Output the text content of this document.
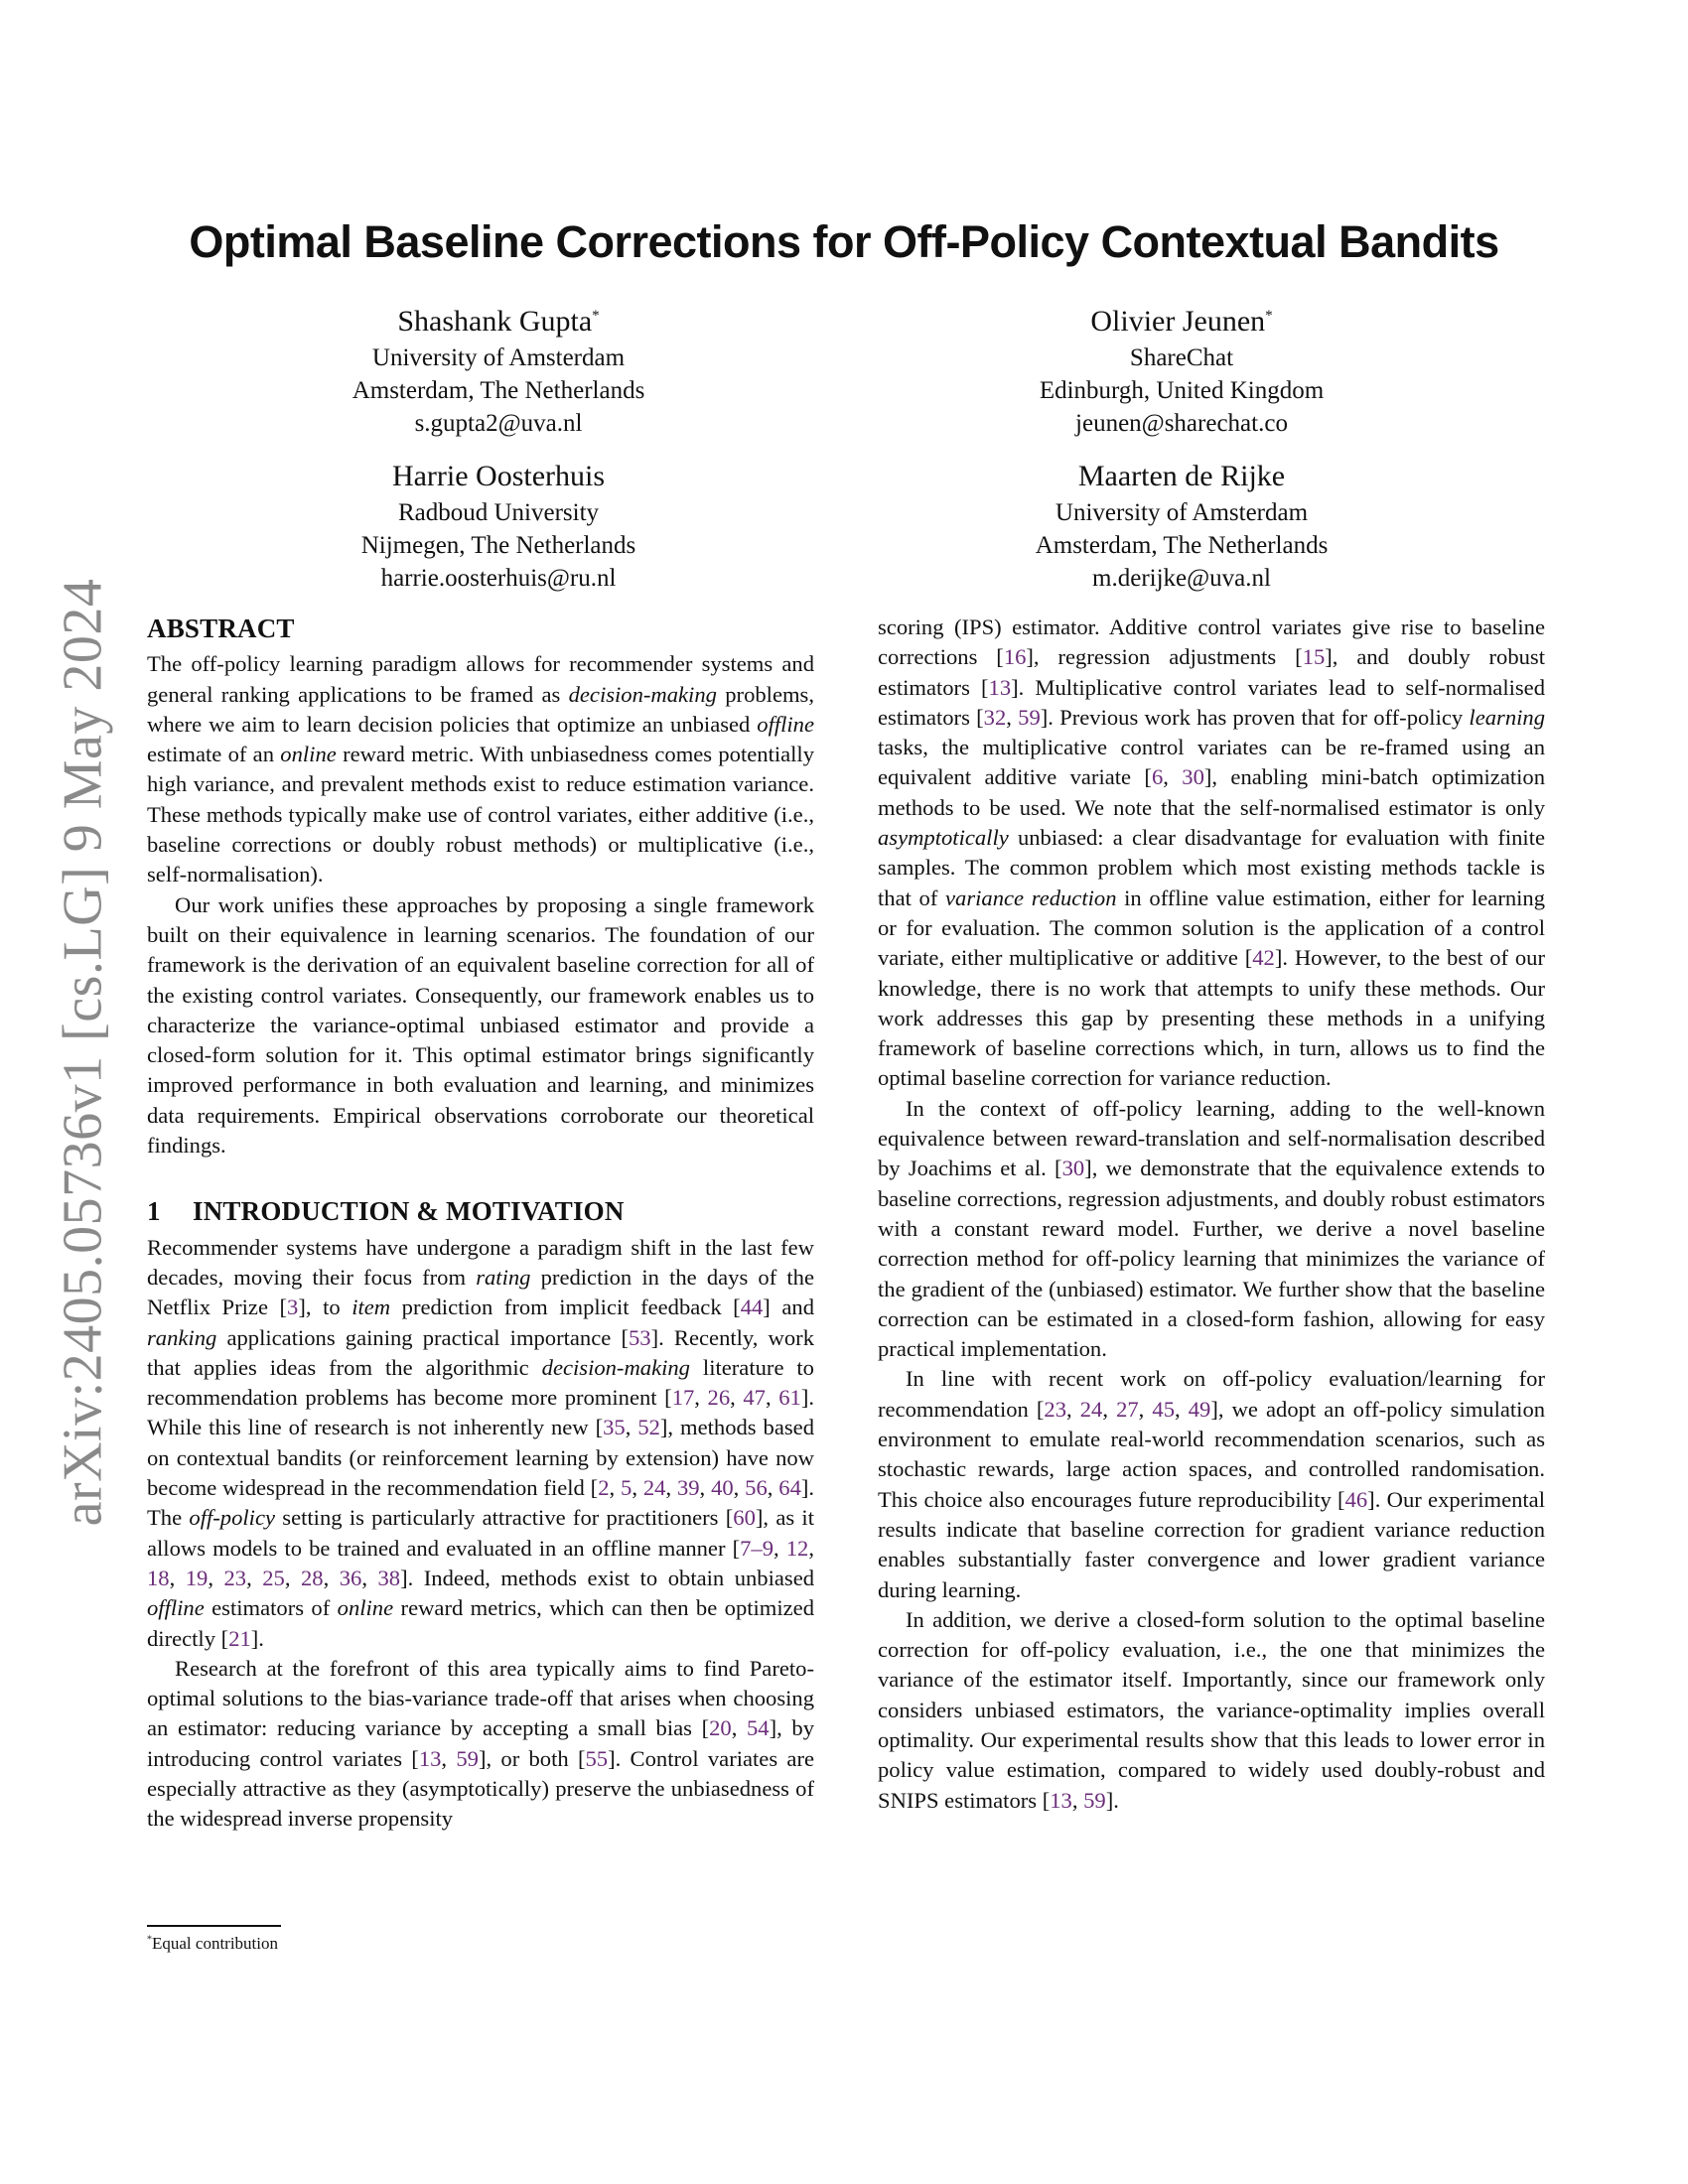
arXiv:2405.05736v1 [cs.LG] 9 May 2024
Optimal Baseline Corrections for Off-Policy Contextual Bandits
Shashank Gupta*
University of Amsterdam
Amsterdam, The Netherlands
s.gupta2@uva.nl
Olivier Jeunen*
ShareChat
Edinburgh, United Kingdom
jeunen@sharechat.co
Harrie Oosterhuis
Radboud University
Nijmegen, The Netherlands
harrie.oosterhuis@ru.nl
Maarten de Rijke
University of Amsterdam
Amsterdam, The Netherlands
m.derijke@uva.nl
ABSTRACT

The off-policy learning paradigm allows for recommender systems and general ranking applications to be framed as decision-making problems, where we aim to learn decision policies that optimize an unbiased offline estimate of an online reward metric. With unbiasedness comes potentially high variance, and prevalent methods exist to reduce estimation variance. These methods typically make use of control variates, either additive (i.e., baseline corrections or doubly robust methods) or multiplicative (i.e., self-normalisation).

Our work unifies these approaches by proposing a single framework built on their equivalence in learning scenarios. The foundation of our framework is the derivation of an equivalent baseline correction for all of the existing control variates. Consequently, our framework enables us to characterize the variance-optimal unbiased estimator and provide a closed-form solution for it. This optimal estimator brings significantly improved performance in both evaluation and learning, and minimizes data requirements. Empirical observations corroborate our theoretical findings.

1 INTRODUCTION & MOTIVATION

Recommender systems have undergone a paradigm shift in the last few decades, moving their focus from rating prediction in the days of the Netflix Prize [3], to item prediction from implicit feedback [44] and ranking applications gaining practical importance [53]. Recently, work that applies ideas from the algorithmic decision-making literature to recommendation problems has become more prominent [17, 26, 47, 61]. While this line of research is not inherently new [35, 52], methods based on contextual bandits (or reinforcement learning by extension) have now become widespread in the recommendation field [2, 5, 24, 39, 40, 56, 64]. The off-policy setting is particularly attractive for practitioners [60], as it allows models to be trained and evaluated in an offline manner [7–9, 12, 18, 19, 23, 25, 28, 36, 38]. Indeed, methods exist to obtain unbiased offline estimators of online reward metrics, which can then be optimized directly [21].

Research at the forefront of this area typically aims to find Pareto-optimal solutions to the bias-variance trade-off that arises when choosing an estimator: reducing variance by accepting a small bias [20, 54], by introducing control variates [13, 59], or both [55]. Control variates are especially attractive as they (asymptotically) preserve the unbiasedness of the widespread inverse propensity

scoring (IPS) estimator. Additive control variates give rise to baseline corrections [16], regression adjustments [15], and doubly robust estimators [13]. Multiplicative control variates lead to self-normalised estimators [32, 59]. Previous work has proven that for off-policy learning tasks, the multiplicative control variates can be re-framed using an equivalent additive variate [6, 30], enabling mini-batch optimization methods to be used. We note that the self-normalised estimator is only asymptotically unbiased: a clear disadvantage for evaluation with finite samples. The common problem which most existing methods tackle is that of variance reduction in offline value estimation, either for learning or for evaluation. The common solution is the application of a control variate, either multiplicative or additive [42]. However, to the best of our knowledge, there is no work that attempts to unify these methods. Our work addresses this gap by presenting these methods in a unifying framework of baseline corrections which, in turn, allows us to find the optimal baseline correction for variance reduction.

In the context of off-policy learning, adding to the well-known equivalence between reward-translation and self-normalisation described by Joachims et al. [30], we demonstrate that the equivalence extends to baseline corrections, regression adjustments, and doubly robust estimators with a constant reward model. Further, we derive a novel baseline correction method for off-policy learning that minimizes the variance of the gradient of the (unbiased) estimator. We further show that the baseline correction can be estimated in a closed-form fashion, allowing for easy practical implementation.

In line with recent work on off-policy evaluation/learning for recommendation [23, 24, 27, 45, 49], we adopt an off-policy simulation environment to emulate real-world recommendation scenarios, such as stochastic rewards, large action spaces, and controlled randomisation. This choice also encourages future reproducibility [46]. Our experimental results indicate that baseline correction for gradient variance reduction enables substantially faster convergence and lower gradient variance during learning.

In addition, we derive a closed-form solution to the optimal baseline correction for off-policy evaluation, i.e., the one that minimizes the variance of the estimator itself. Importantly, since our framework only considers unbiased estimators, the variance-optimality implies overall optimality. Our experimental results show that this leads to lower error in policy value estimation, compared to widely used doubly-robust and SNIPS estimators [13, 59].

*Equal contribution
